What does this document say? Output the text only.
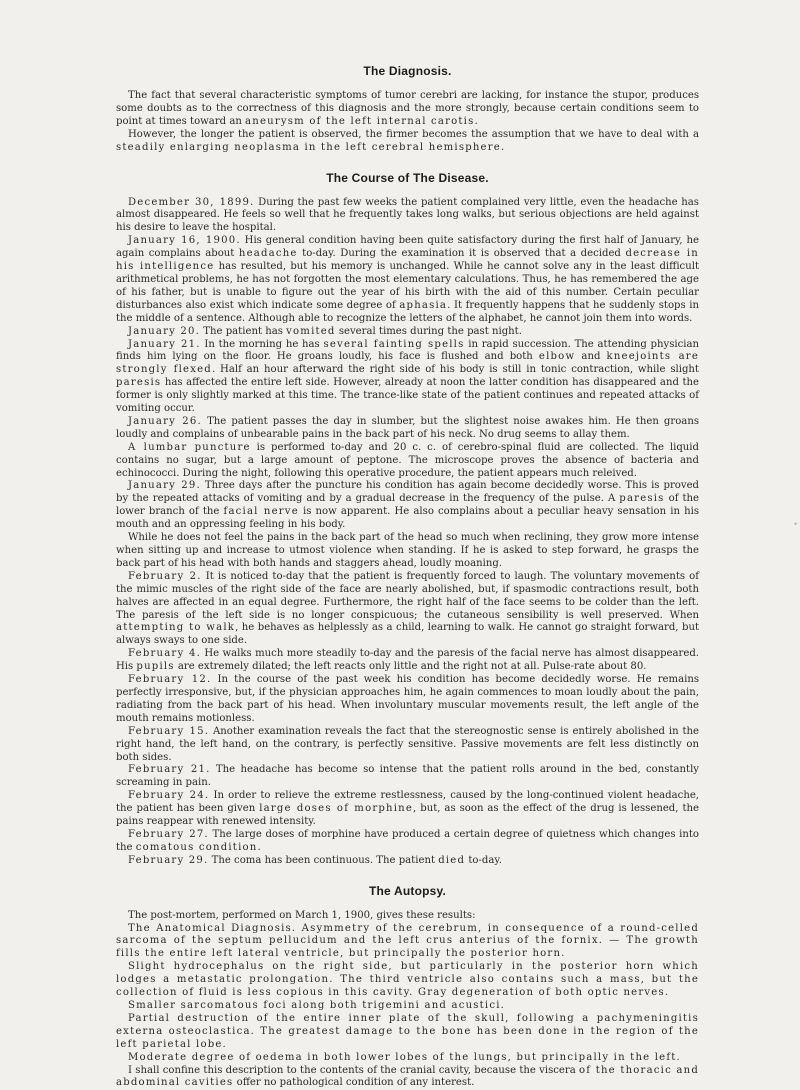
The Diagnosis.

The fact that several characteristic symptoms of tumor cerebri are lacking, for instance the stupor, produces some doubts as to the correctness of this diagnosis and the more strongly, because certain conditions seem to point at times toward an aneurysm of the left internal carotis.

However, the longer the patient is observed, the firmer becomes the assumption that we have to deal with a steadily enlarging neoplasma in the left cerebral hemisphere.

The Course of The Disease.

December 30, 1899. During the past few weeks the patient complained very little, even the headache has almost disappeared. He feels so well that he frequently takes long walks, but serious objections are held against his desire to leave the hospital.

January 16, 1900. His general condition having been quite satisfactory during the first half of January, he again complains about headache to-day. During the examination it is observed that a decided decrease in his intelligence has resulted, but his memory is unchanged. While he cannot solve any in the least difficult arithmetical problems, he has not forgotten the most elementary calculations. Thus, he has remembered the age of his father, but is unable to figure out the year of his birth with the aid of this number. Certain peculiar disturbances also exist which indicate some degree of aphasia. It frequently happens that he suddenly stops in the middle of a sentence. Although able to recognize the letters of the alphabet, he cannot join them into words.

January 20. The patient has vomited several times during the past night.

January 21. In the morning he has several fainting spells in rapid succession. The attending physician finds him lying on the floor. He groans loudly, his face is flushed and both elbow and kneejoints are strongly flexed. Half an hour afterward the right side of his body is still in tonic contraction, while slight paresis has affected the entire left side. However, already at noon the latter condition has disappeared and the former is only slightly marked at this time. The trance-like state of the patient continues and repeated attacks of vomiting occur.

January 26. The patient passes the day in slumber, but the slightest noise awakes him. He then groans loudly and complains of unbearable pains in the back part of his neck. No drug seems to allay them.

A lumbar puncture is performed to-day and 20 c. c. of cerebro-spinal fluid are collected. The liquid contains no sugar, but a large amount of peptone. The microscope proves the absence of bacteria and echinococci. During the night, following this operative procedure, the patient appears much releived.

January 29. Three days after the puncture his condition has again become decidedly worse. This is proved by the repeated attacks of vomiting and by a gradual decrease in the frequency of the pulse. A paresis of the lower branch of the facial nerve is now apparent. He also complains about a peculiar heavy sensation in his mouth and an oppressing feeling in his body.

While he does not feel the pains in the back part of the head so much when reclining, they grow more intense when sitting up and increase to utmost violence when standing. If he is asked to step forward, he grasps the back part of his head with both hands and staggers ahead, loudly moaning.

February 2. It is noticed to-day that the patient is frequently forced to laugh. The voluntary movements of the mimic muscles of the right side of the face are nearly abolished, but, if spasmodic contractions result, both halves are affected in an equal degree. Furthermore, the right half of the face seems to be colder than the left. The paresis of the left side is no longer conspicuous; the cutaneous sensibility is well preserved. When attempting to walk, he behaves as helplessly as a child, learning to walk. He cannot go straight forward, but always sways to one side.

February 4. He walks much more steadily to-day and the paresis of the facial nerve has almost disappeared. His pupils are extremely dilated; the left reacts only little and the right not at all. Pulse-rate about 80.

February 12. In the course of the past week his condition has become decidedly worse. He remains perfectly irresponsive, but, if the physician approaches him, he again commences to moan loudly about the pain, radiating from the back part of his head. When involuntary muscular movements result, the left angle of the mouth remains motionless.

February 15. Another examination reveals the fact that the stereognostic sense is entirely abolished in the right hand, the left hand, on the contrary, is perfectly sensitive. Passive movements are felt less distinctly on both sides.

February 21. The headache has become so intense that the patient rolls around in the bed, constantly screaming in pain.

February 24. In order to relieve the extreme restlessness, caused by the long-continued violent headache, the patient has been given large doses of morphine, but, as soon as the effect of the drug is lessened, the pains reappear with renewed intensity.

February 27. The large doses of morphine have produced a certain degree of quietness which changes into the comatous condition.

February 29. The coma has been continuous. The patient died to-day.

The Autopsy.

The post-mortem, performed on March 1, 1900, gives these results:

The Anatomical Diagnosis. Asymmetry of the cerebrum, in consequence of a round-celled sarcoma of the septum pellucidum and the left crus anterius of the fornix. — The growth fills the entire left lateral ventricle, but principally the posterior horn.

Slight hydrocephalus on the right side, but particularly in the posterior horn which lodges a metastatic prolongation. The third ventricle also contains such a mass, but the collection of fluid is less copious in this cavity. Gray degeneration of both optic nerves.

Smaller sarcomatous foci along both trigemini and acustici.

Partial destruction of the entire inner plate of the skull, following a pachymeningitis externa osteoclastica. The greatest damage to the bone has been done in the region of the left parietal lobe.

Moderate degree of oedema in both lower lobes of the lungs, but principally in the left.

I shall confine this description to the contents of the cranial cavity, because the viscera of the thoracic and abdominal cavities offer no pathological condition of any interest.

•
